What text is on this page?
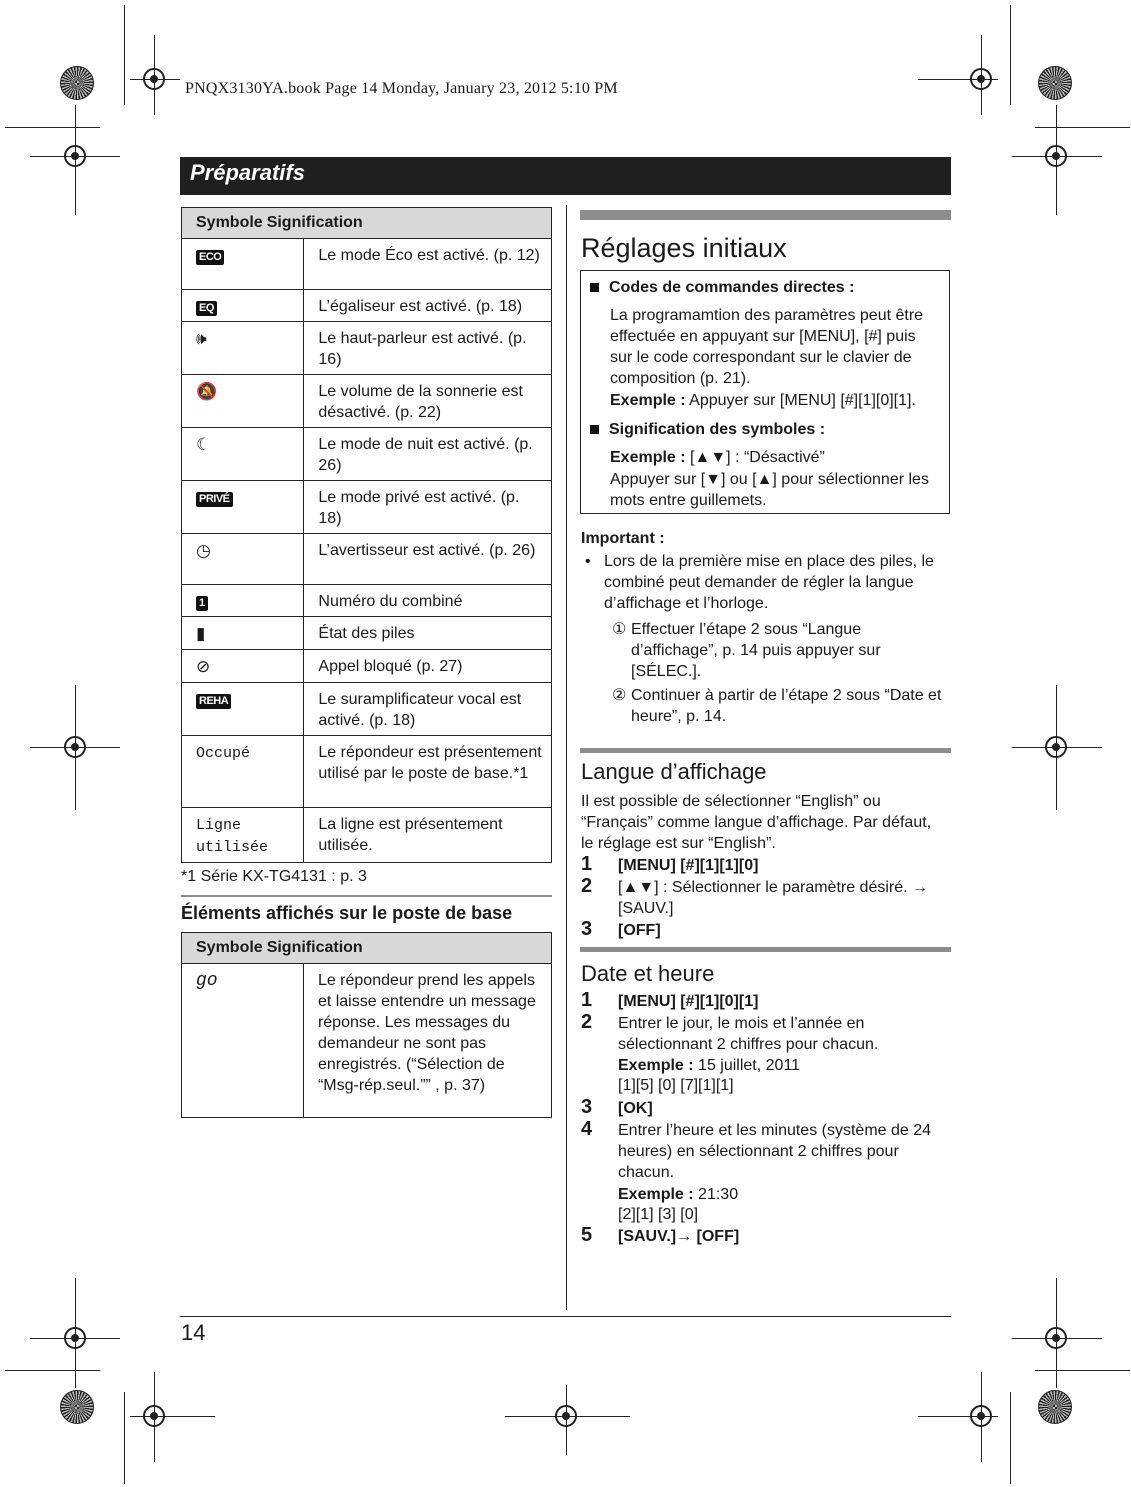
PNQX3130YA.book Page 14 Monday, January 23, 2012 5:10 PM
Préparatifs
Symbole Signification	
ECO	Le mode Éco est activé. (p. 12)
EQ	L’égaliseur est activé. (p. 18)
🕪	Le haut-parleur est activé. (p. 16)
🔕	Le volume de la sonnerie est désactivé. (p. 22)
☾	Le mode de nuit est activé. (p. 26)
PRIVÉ	Le mode privé est activé. (p. 18)
◷	L’avertisseur est activé. (p. 26)
1	Numéro du combiné
▮	État des piles
⊘	Appel bloqué (p. 27)
REHA	Le suramplificateur vocal est activé. (p. 18)
Occupé	Le répondeur est présentement utilisé par le poste de base.*1
Ligne utilisée	La ligne est présentement utilisée.
*1 Série KX-TG4131 : p. 3
Éléments affichés sur le poste de base
Symbole Signification
go	Le répondeur prend les appels et laisse entendre un message réponse. Les messages du demandeur ne sont pas enregistrés. (“Sélection de “Msg-rép.seul.”” , p. 37)
Réglages initiaux
Codes de commandes directes :
La programamtion des paramètres peut être effectuée en appuyant sur [MENU], [#] puis sur le code correspondant sur le clavier de composition (p. 21).
Exemple : Appuyer sur [MENU] [#][1][0][1].
Signification des symboles :
Exemple : [▲▼] : “Désactivé”
Appuyer sur [▼] ou [▲] pour sélectionner les mots entre guillemets.
Important :
• Lors de la première mise en place des piles, le combiné peut demander de régler la langue d’affichage et l’horloge.
① Effectuer l’étape 2 sous “Langue d’affichage”, p. 14 puis appuyer sur [SÉLEC.].
② Continuer à partir de l’étape 2 sous “Date et heure”, p. 14.
Langue d’affichage
Il est possible de sélectionner “English” ou “Français” comme langue d’affichage. Par défaut, le réglage est sur “English”.
1 [MENU] [#][1][1][0]
2 [▲▼] : Sélectionner le paramètre désiré. → [SAUV.]
3 [OFF]
Date et heure
1 [MENU] [#][1][0][1]
2 Entrer le jour, le mois et l’année en sélectionnant 2 chiffres pour chacun.
Exemple : 15 juillet, 2011
[1][5] [0] [7][1][1]
3 [OK]
4 Entrer l’heure et les minutes (système de 24 heures) en sélectionnant 2 chiffres pour chacun.
Exemple : 21:30
[2][1] [3] [0]
5 [SAUV.]→ [OFF]
14
